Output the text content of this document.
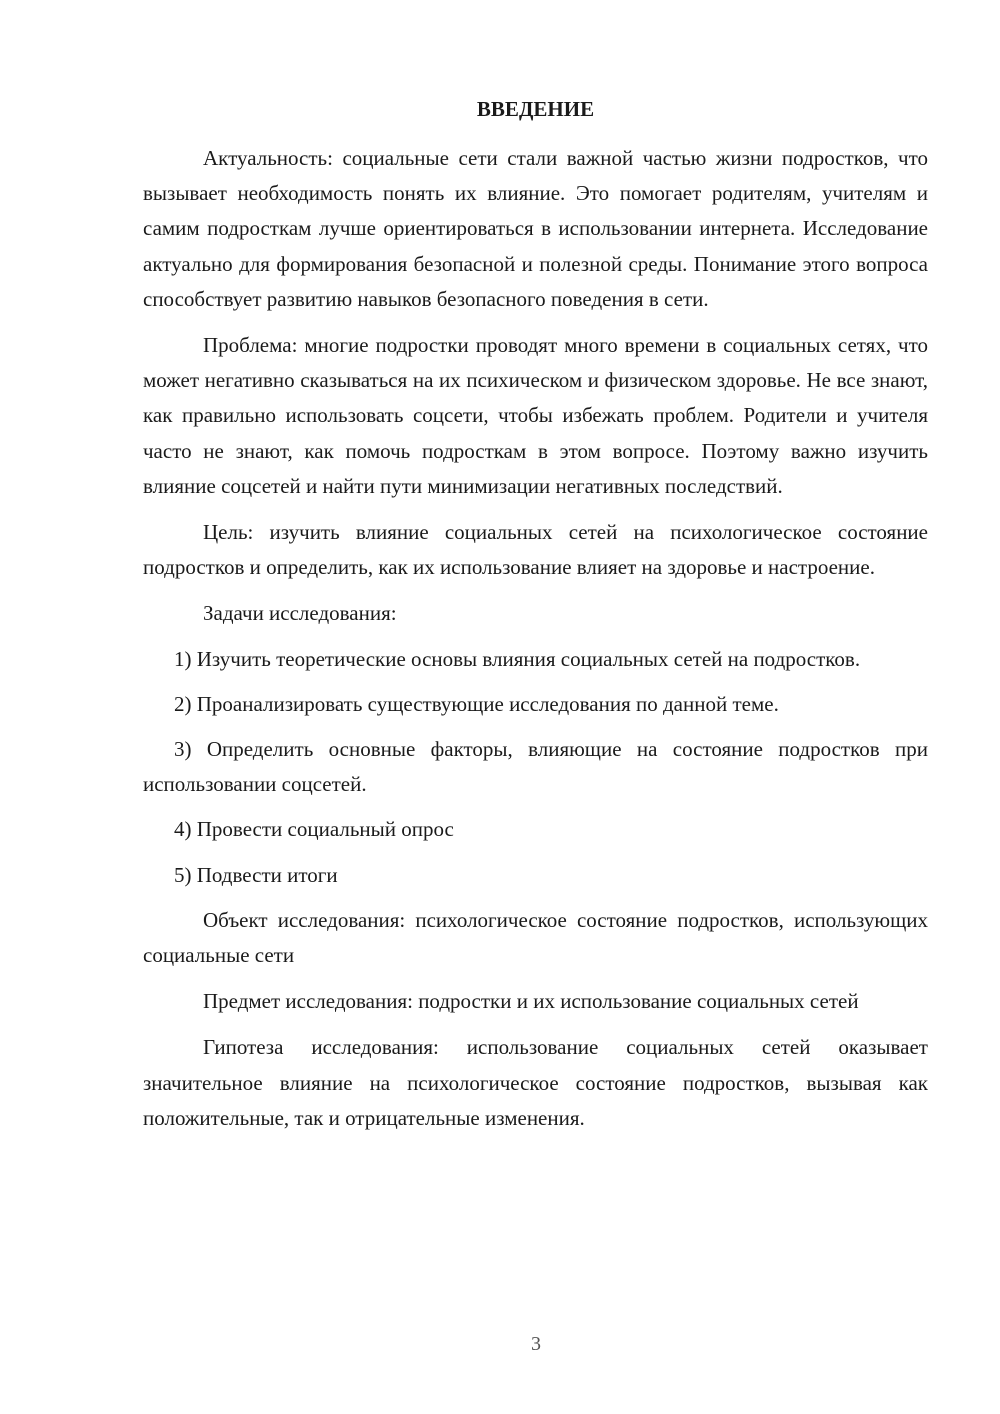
ВВЕДЕНИЕ

Актуальность: социальные сети стали важной частью жизни подростков, что вызывает необходимость понять их влияние. Это помогает родителям, учителям и самим подросткам лучше ориентироваться в использовании интернета. Исследование актуально для формирования безопасной и полезной среды. Понимание этого вопроса способствует развитию навыков безопасного поведения в сети.

Проблема: многие подростки проводят много времени в социальных сетях, что может негативно сказываться на их психическом и физическом здоровье. Не все знают, как правильно использовать соцсети, чтобы избежать проблем. Родители и учителя часто не знают, как помочь подросткам в этом вопросе. Поэтому важно изучить влияние соцсетей и найти пути минимизации негативных последствий.

Цель: изучить влияние социальных сетей на психологическое состояние подростков и определить, как их использование влияет на здоровье и настроение.

Задачи исследования:

1) Изучить теоретические основы влияния социальных сетей на подростков.

2) Проанализировать существующие исследования по данной теме.

3) Определить основные факторы, влияющие на состояние подростков при использовании соцсетей.

4) Провести социальный опрос

5) Подвести итоги

Объект исследования: психологическое состояние подростков, использующих социальные сети

Предмет исследования: подростки и их использование социальных сетей

Гипотеза исследования: использование социальных сетей оказывает значительное влияние на психологическое состояние подростков, вызывая как положительные, так и отрицательные изменения.

3
